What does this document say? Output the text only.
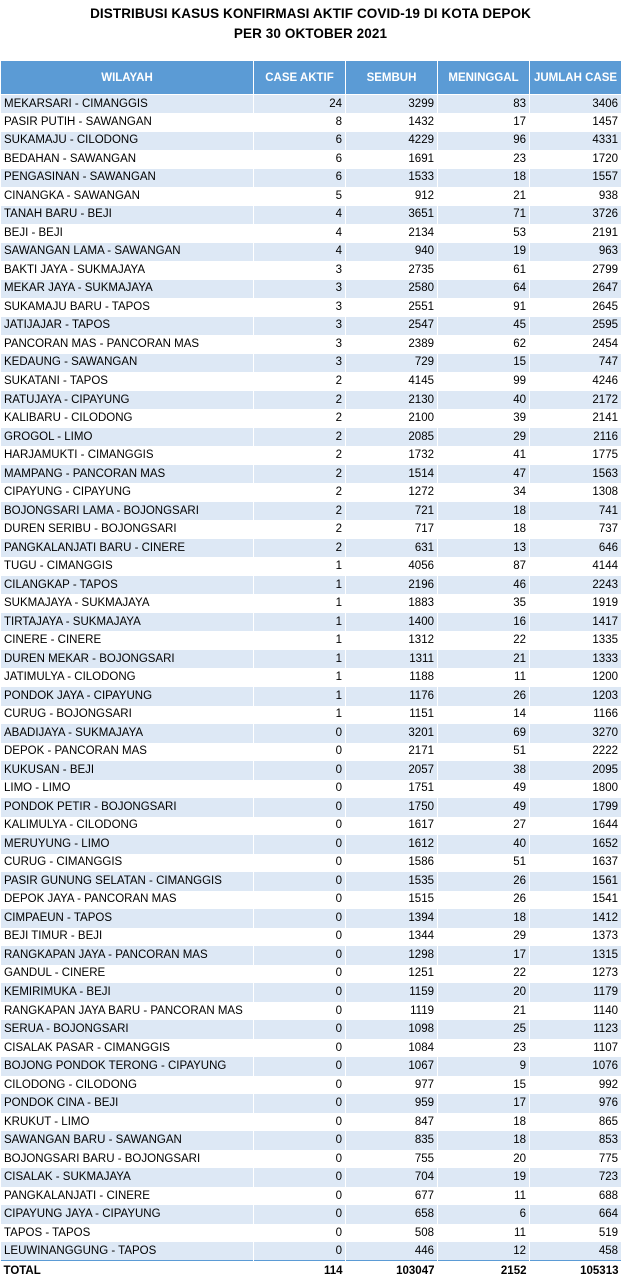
DISTRIBUSI KASUS KONFIRMASI AKTIF COVID-19 DI KOTA DEPOK
PER 30 OKTOBER 2021
WILAYAH	CASE AKTIF	SEMBUH	MENINGGAL	JUMLAH CASE
MEKARSARI - CIMANGGIS	24	3299	83	3406
PASIR PUTIH - SAWANGAN	8	1432	17	1457
SUKAMAJU - CILODONG	6	4229	96	4331
BEDAHAN - SAWANGAN	6	1691	23	1720
PENGASINAN - SAWANGAN	6	1533	18	1557
CINANGKA - SAWANGAN	5	912	21	938
TANAH BARU - BEJI	4	3651	71	3726
BEJI - BEJI	4	2134	53	2191
SAWANGAN LAMA - SAWANGAN	4	940	19	963
BAKTI JAYA - SUKMAJAYA	3	2735	61	2799
MEKAR JAYA - SUKMAJAYA	3	2580	64	2647
SUKAMAJU BARU - TAPOS	3	2551	91	2645
JATIJAJAR - TAPOS	3	2547	45	2595
PANCORAN MAS - PANCORAN MAS	3	2389	62	2454
KEDAUNG - SAWANGAN	3	729	15	747
SUKATANI - TAPOS	2	4145	99	4246
RATUJAYA - CIPAYUNG	2	2130	40	2172
KALIBARU - CILODONG	2	2100	39	2141
GROGOL - LIMO	2	2085	29	2116
HARJAMUKTI - CIMANGGIS	2	1732	41	1775
MAMPANG - PANCORAN MAS	2	1514	47	1563
CIPAYUNG - CIPAYUNG	2	1272	34	1308
BOJONGSARI LAMA - BOJONGSARI	2	721	18	741
DUREN SERIBU - BOJONGSARI	2	717	18	737
PANGKALANJATI BARU - CINERE	2	631	13	646
TUGU - CIMANGGIS	1	4056	87	4144
CILANGKAP - TAPOS	1	2196	46	2243
SUKMAJAYA - SUKMAJAYA	1	1883	35	1919
TIRTAJAYA - SUKMAJAYA	1	1400	16	1417
CINERE - CINERE	1	1312	22	1335
DUREN MEKAR - BOJONGSARI	1	1311	21	1333
JATIMULYA - CILODONG	1	1188	11	1200
PONDOK JAYA - CIPAYUNG	1	1176	26	1203
CURUG - BOJONGSARI	1	1151	14	1166
ABADIJAYA - SUKMAJAYA	0	3201	69	3270
DEPOK - PANCORAN MAS	0	2171	51	2222
KUKUSAN - BEJI	0	2057	38	2095
LIMO - LIMO	0	1751	49	1800
PONDOK PETIR - BOJONGSARI	0	1750	49	1799
KALIMULYA - CILODONG	0	1617	27	1644
MERUYUNG - LIMO	0	1612	40	1652
CURUG - CIMANGGIS	0	1586	51	1637
PASIR GUNUNG SELATAN - CIMANGGIS	0	1535	26	1561
DEPOK JAYA - PANCORAN MAS	0	1515	26	1541
CIMPAEUN - TAPOS	0	1394	18	1412
BEJI TIMUR - BEJI	0	1344	29	1373
RANGKAPAN JAYA - PANCORAN MAS	0	1298	17	1315
GANDUL - CINERE	0	1251	22	1273
KEMIRIMUKA - BEJI	0	1159	20	1179
RANGKAPAN JAYA BARU - PANCORAN MAS	0	1119	21	1140
SERUA - BOJONGSARI	0	1098	25	1123
CISALAK PASAR - CIMANGGIS	0	1084	23	1107
BOJONG PONDOK TERONG - CIPAYUNG	0	1067	9	1076
CILODONG - CILODONG	0	977	15	992
PONDOK CINA - BEJI	0	959	17	976
KRUKUT - LIMO	0	847	18	865
SAWANGAN BARU - SAWANGAN	0	835	18	853
BOJONGSARI BARU - BOJONGSARI	0	755	20	775
CISALAK - SUKMAJAYA	0	704	19	723
PANGKALANJATI - CINERE	0	677	11	688
CIPAYUNG JAYA - CIPAYUNG	0	658	6	664
TAPOS - TAPOS	0	508	11	519
LEUWINANGGUNG - TAPOS	0	446	12	458
TOTAL	114	103047	2152	105313
